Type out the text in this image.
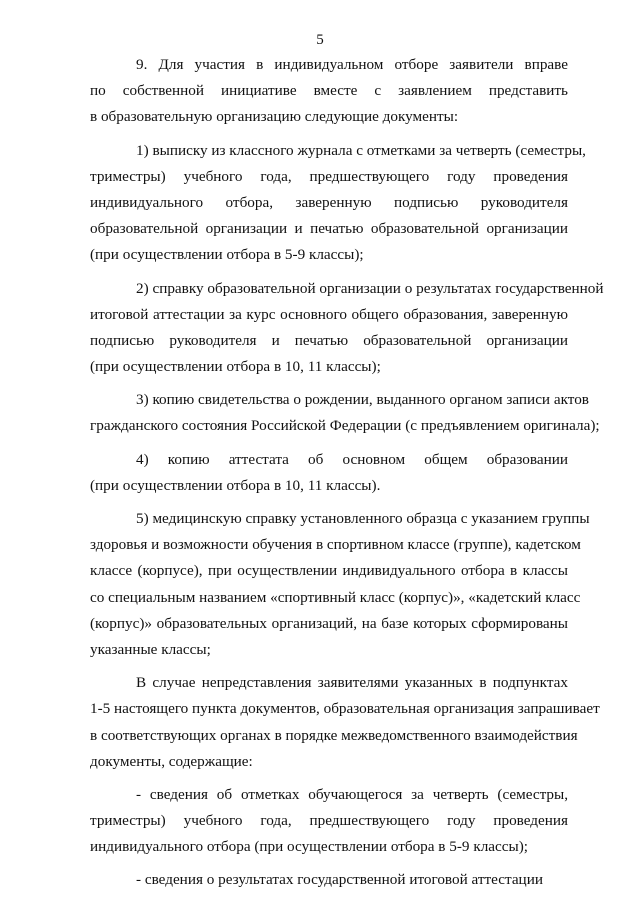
5
9. Для участия в индивидуальном отборе заявители вправе
по собственной инициативе вместе с заявлением представить
в образовательную организацию следующие документы:
1) выписку из классного журнала с отметками за четверть (семестры,
триместры) учебного года, предшествующего году проведения
индивидуального отбора, заверенную подписью руководителя
образовательной организации и печатью образовательной организации
(при осуществлении отбора в 5-9 классы);
2) справку образовательной организации о результатах государственной
итоговой аттестации за курс основного общего образования, заверенную
подписью руководителя и печатью образовательной организации
(при осуществлении отбора в 10, 11 классы);
3) копию свидетельства о рождении, выданного органом записи актов
гражданского состояния Российской Федерации (с предъявлением оригинала);
4) копию аттестата об основном общем образовании
(при осуществлении отбора в 10, 11 классы).
5) медицинскую справку установленного образца с указанием группы
здоровья и возможности обучения в спортивном классе (группе), кадетском
классе (корпусе), при осуществлении индивидуального отбора в классы
со специальным названием «спортивный класс (корпус)», «кадетский класс
(корпус)» образовательных организаций, на базе которых сформированы
указанные классы;
В случае непредставления заявителями указанных в подпунктах
1-5 настоящего пункта документов, образовательная организация запрашивает
в соответствующих органах в порядке межведомственного взаимодействия
документы, содержащие:
- сведения об отметках обучающегося за четверть (семестры,
триместры) учебного года, предшествующего году проведения
индивидуального отбора (при осуществлении отбора в 5-9 классы);
- сведения о результатах государственной итоговой аттестации
